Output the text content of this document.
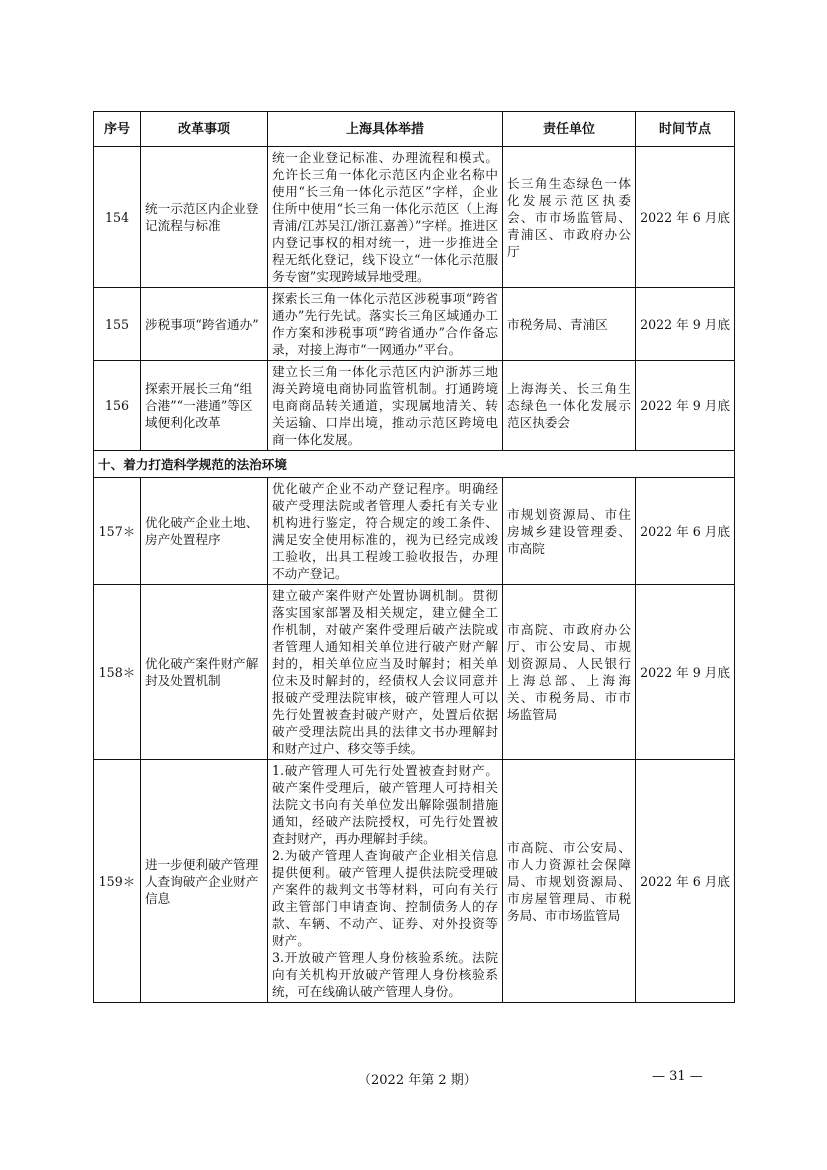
序号	改革事项	上海具体举措	责任单位	时间节点
154	统一示范区内企业登记流程与标准	统一企业登记标准、办理流程和模式。允许长三角一体化示范区内企业名称中使用“长三角一体化示范区”字样，企业住所中使用“长三角一体化示范区（上海青浦/江苏吴江/浙江嘉善）”字样。推进区内登记事权的相对统一，进一步推进全程无纸化登记，线下设立“一体化示范服务专窗”实现跨域异地受理。	长三角生态绿色一体化发展示范区执委会、市市场监管局、青浦区、市政府办公厅	2022 年 6 月底
155	涉税事项“跨省通办”	探索长三角一体化示范区涉税事项“跨省通办”先行先试。落实长三角区域通办工作方案和涉税事项“跨省通办”合作备忘录，对接上海市“一网通办”平台。	市税务局、青浦区	2022 年 9 月底
156	探索开展长三角“组合港”“一港通”等区域便利化改革	建立长三角一体化示范区内沪浙苏三地海关跨境电商协同监管机制。打通跨境电商商品转关通道，实现属地清关、转关运输、口岸出境，推动示范区跨境电商一体化发展。	上海海关、长三角生态绿色一体化发展示范区执委会	2022 年 9 月底
十、着力打造科学规范的法治环境				
157＊	优化破产企业土地、房产处置程序	优化破产企业不动产登记程序。明确经破产受理法院或者管理人委托有关专业机构进行鉴定，符合规定的竣工条件、满足安全使用标准的，视为已经完成竣工验收，出具工程竣工验收报告，办理不动产登记。	市规划资源局、市住房城乡建设管理委、市高院	2022 年 6 月底
158＊	优化破产案件财产解封及处置机制	建立破产案件财产处置协调机制。贯彻落实国家部署及相关规定，建立健全工作机制，对破产案件受理后破产法院或者管理人通知相关单位进行破产财产解封的，相关单位应当及时解封；相关单位未及时解封的，经债权人会议同意并报破产受理法院审核，破产管理人可以先行处置被查封破产财产，处置后依据破产受理法院出具的法律文书办理解封和财产过户、移交等手续。	市高院、市政府办公厅、市公安局、市规划资源局、人民银行上海总部、上海海关、市税务局、市市场监管局	2022 年 9 月底
159＊	进一步便利破产管理人查询破产企业财产信息	1.破产管理人可先行处置被查封财产。破产案件受理后，破产管理人可持相关法院文书向有关单位发出解除强制措施通知，经破产法院授权，可先行处置被查封财产，再办理解封手续。
2.为破产管理人查询破产企业相关信息提供便利。破产管理人提供法院受理破产案件的裁判文书等材料，可向有关行政主管部门申请查询、控制债务人的存款、车辆、不动产、证券、对外投资等财产。
3.开放破产管理人身份核验系统。法院向有关机构开放破产管理人身份核验系统，可在线确认破产管理人身份。	市高院、市公安局、市人力资源社会保障局、市规划资源局、市房屋管理局、市税务局、市市场监管局	2022 年 6 月底
（2022 年第 2 期）	— 31 —
